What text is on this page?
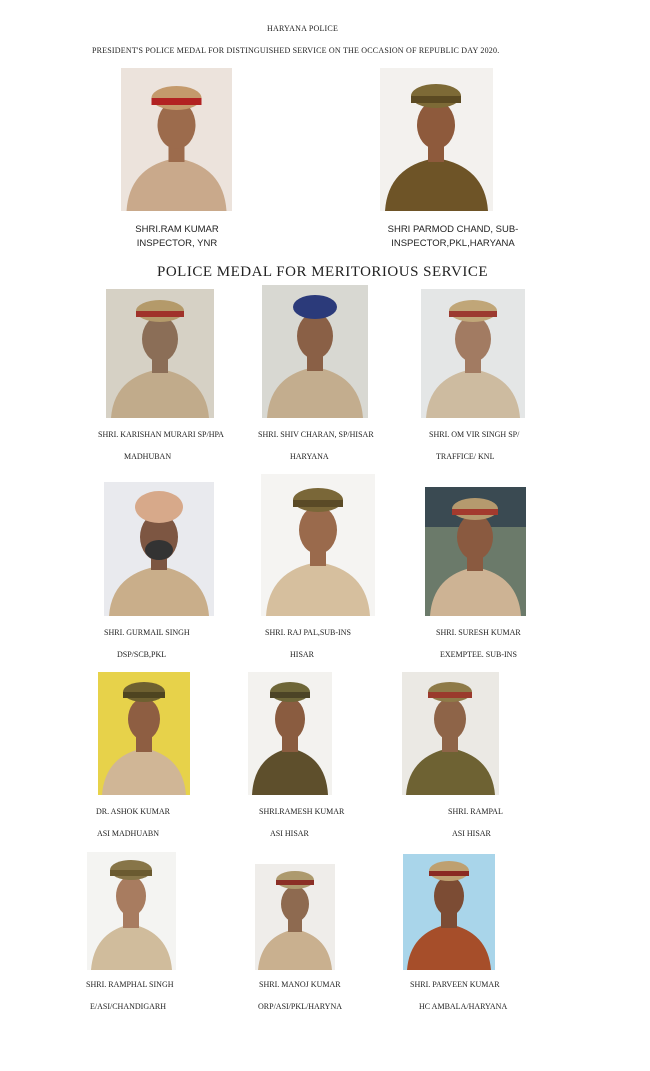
HARYANA POLICE
PRESIDENT'S POLICE MEDAL FOR DISTINGUISHED SERVICE ON THE OCCASION OF REPUBLIC DAY 2020.
SHRI.RAM KUMAR
INSPECTOR, YNR
SHRI PARMOD CHAND, SUB-
INSPECTOR,PKL,HARYANA
POLICE MEDAL FOR MERITORIOUS SERVICE
SHRI. KARISHAN MURARI SP/HPA
MADHUBAN
SHRI. SHIV CHARAN, SP/HISAR
HARYANA
SHRI. OM VIR SINGH SP/
TRAFFICE/ KNL
SHRI. GURMAIL SINGH
DSP/SCB,PKL
SHRI. RAJ PAL,SUB-INS
HISAR
SHRI. SURESH KUMAR
EXEMPTEE. SUB-INS
DR. ASHOK KUMAR
ASI MADHUABN
SHRI.RAMESH KUMAR
ASI HISAR
SHRI. RAMPAL
ASI HISAR
SHRI. RAMPHAL SINGH
E/ASI/CHANDIGARH
SHRI. MANOJ KUMAR
ORP/ASI/PKL/HARYNA
SHRI. PARVEEN KUMAR
HC AMBALA/HARYANA
